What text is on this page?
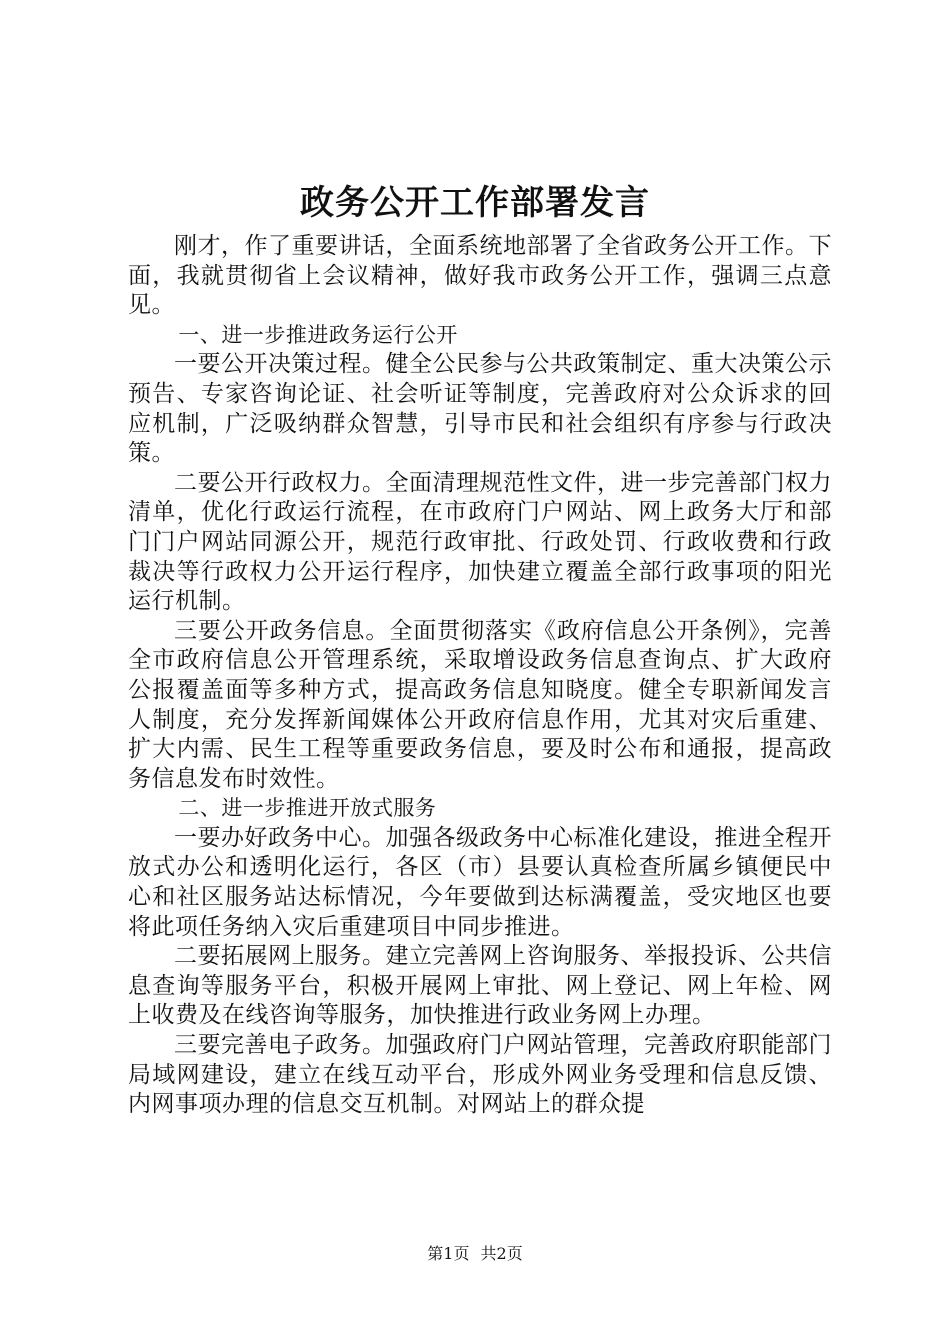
政务公开工作部署发言

刚才，作了重要讲话，全面系统地部署了全省政务公开工作。下面，我就贯彻省上会议精神，做好我市政务公开工作，强调三点意见。

一、进一步推进政务运行公开

一要公开决策过程。健全公民参与公共政策制定、重大决策公示预告、专家咨询论证、社会听证等制度，完善政府对公众诉求的回应机制，广泛吸纳群众智慧，引导市民和社会组织有序参与行政决策。

二要公开行政权力。全面清理规范性文件，进一步完善部门权力清单，优化行政运行流程，在市政府门户网站、网上政务大厅和部门门户网站同源公开，规范行政审批、行政处罚、行政收费和行政裁决等行政权力公开运行程序，加快建立覆盖全部行政事项的阳光运行机制。

三要公开政务信息。全面贯彻落实《政府信息公开条例》，完善全市政府信息公开管理系统，采取增设政务信息查询点、扩大政府公报覆盖面等多种方式，提高政务信息知晓度。健全专职新闻发言人制度，充分发挥新闻媒体公开政府信息作用，尤其对灾后重建、扩大内需、民生工程等重要政务信息，要及时公布和通报，提高政务信息发布时效性。

二、进一步推进开放式服务

一要办好政务中心。加强各级政务中心标准化建设，推进全程开放式办公和透明化运行，各区（市）县要认真检查所属乡镇便民中心和社区服务站达标情况，今年要做到达标满覆盖，受灾地区也要将此项任务纳入灾后重建项目中同步推进。

二要拓展网上服务。建立完善网上咨询服务、举报投诉、公共信息查询等服务平台，积极开展网上审批、网上登记、网上年检、网上收费及在线咨询等服务，加快推进行政业务网上办理。

三要完善电子政务。加强政府门户网站管理，完善政府职能部门局域网建设，建立在线互动平台，形成外网业务受理和信息反馈、内网事项办理的信息交互机制。对网站上的群众提

第1页 共2页
